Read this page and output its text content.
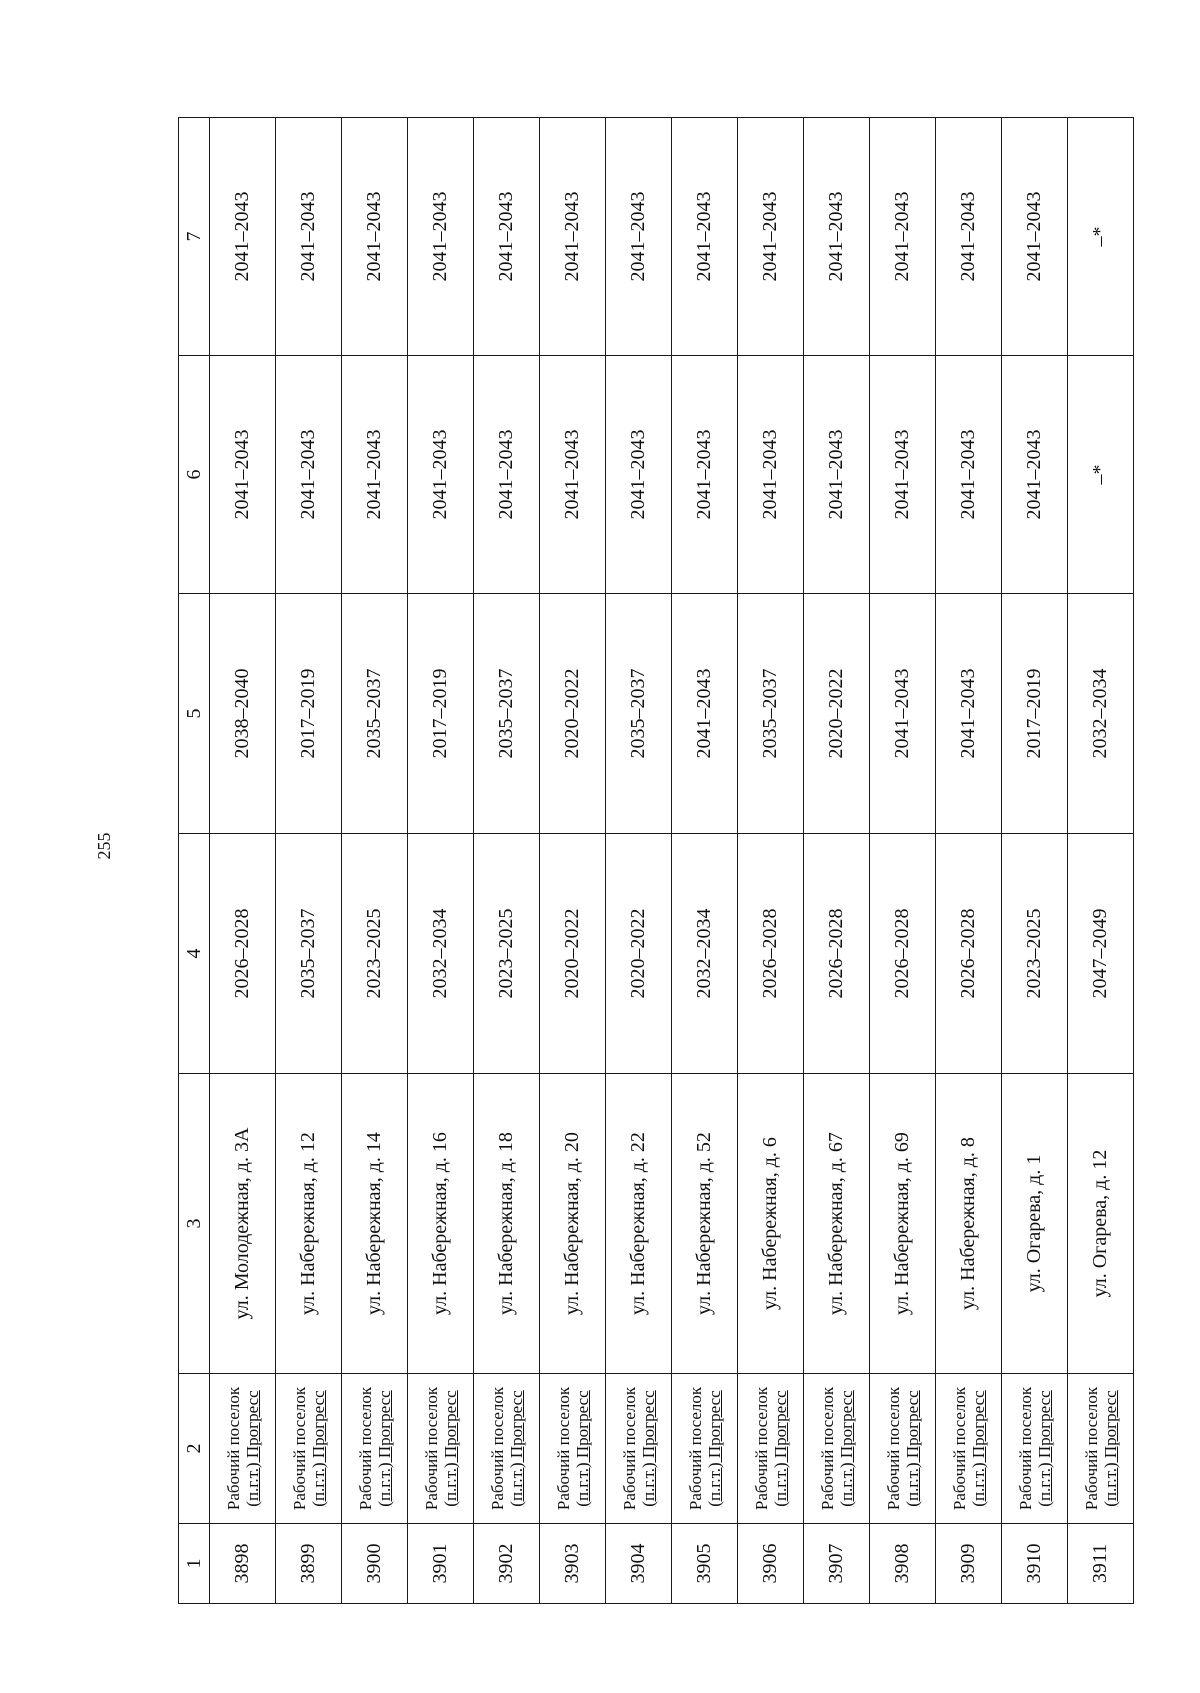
255
1	2	3	4	5	6	7
3898	Рабочий поселок (п.г.т.) Прогресс	ул. Молодежная, д. 3А	2026–2028	2038–2040	2041–2043	2041–2043
3899	Рабочий поселок (п.г.т.) Прогресс	ул. Набережная, д. 12	2035–2037	2017–2019	2041–2043	2041–2043
3900	Рабочий поселок (п.г.т.) Прогресс	ул. Набережная, д. 14	2023–2025	2035–2037	2041–2043	2041–2043
3901	Рабочий поселок (п.г.т.) Прогресс	ул. Набережная, д. 16	2032–2034	2017–2019	2041–2043	2041–2043
3902	Рабочий поселок (п.г.т.) Прогресс	ул. Набережная, д. 18	2023–2025	2035–2037	2041–2043	2041–2043
3903	Рабочий поселок (п.г.т.) Прогресс	ул. Набережная, д. 20	2020–2022	2020–2022	2041–2043	2041–2043
3904	Рабочий поселок (п.г.т.) Прогресс	ул. Набережная, д. 22	2020–2022	2035–2037	2041–2043	2041–2043
3905	Рабочий поселок (п.г.т.) Прогресс	ул. Набережная, д. 52	2032–2034	2041–2043	2041–2043	2041–2043
3906	Рабочий поселок (п.г.т.) Прогресс	ул. Набережная, д. 6	2026–2028	2035–2037	2041–2043	2041–2043
3907	Рабочий поселок (п.г.т.) Прогресс	ул. Набережная, д. 67	2026–2028	2020–2022	2041–2043	2041–2043
3908	Рабочий поселок (п.г.т.) Прогресс	ул. Набережная, д. 69	2026–2028	2041–2043	2041–2043	2041–2043
3909	Рабочий поселок (п.г.т.) Прогресс	ул. Набережная, д. 8	2026–2028	2041–2043	2041–2043	2041–2043
3910	Рабочий поселок (п.г.т.) Прогресс	ул. Огарева, д. 1	2023–2025	2017–2019	2041–2043	2041–2043
3911	Рабочий поселок (п.г.т.) Прогресс	ул. Огарева, д. 12	2047–2049	2032–2034	–*	–*
